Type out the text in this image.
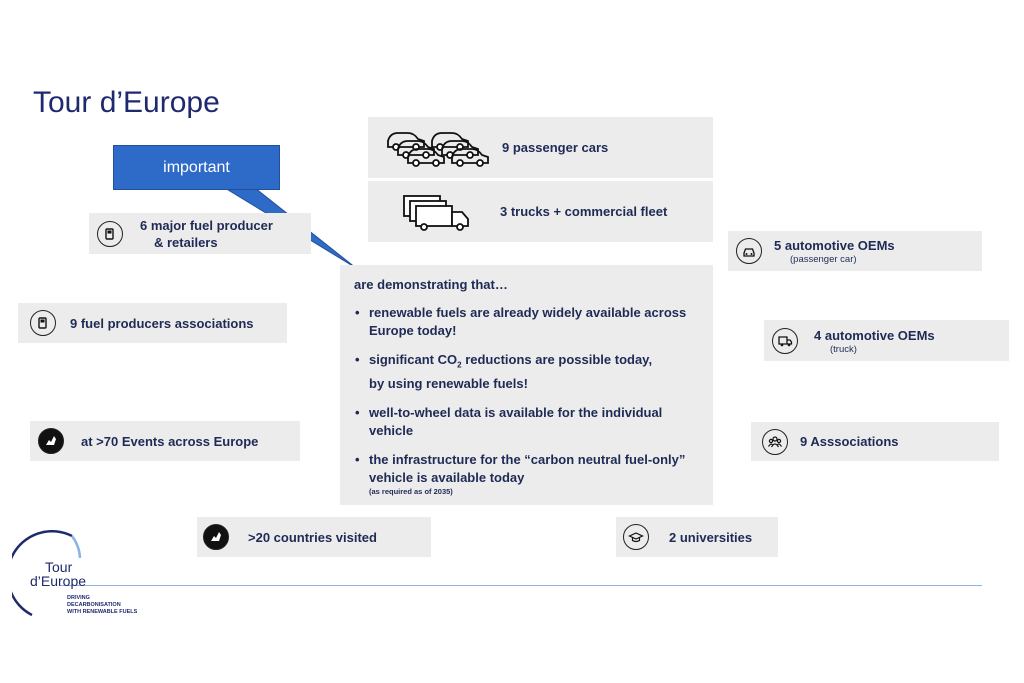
Tour d’Europe
important
9 passenger cars
3 trucks + commercial fleet
6 major fuel producer
& retailers
9 fuel producers associations
at >70 Events across Europe
>20 countries visited
5 automotive OEMs
(passenger car)
4 automotive OEMs
(truck)
9 Asssociations
2 universities
are demonstrating that…
• renewable fuels are already widely available across Europe today!
• significant $CO_2$ reductions are possible today,
by using renewable fuels!
• well-to-wheel data is available for the individual vehicle
• the infrastructure for the “carbon neutral fuel-only” vehicle is available today
(as required as of 2035)
Tour
d’Europe
DRIVING
DECARBONISATION
WITH RENEWABLE FUELS
